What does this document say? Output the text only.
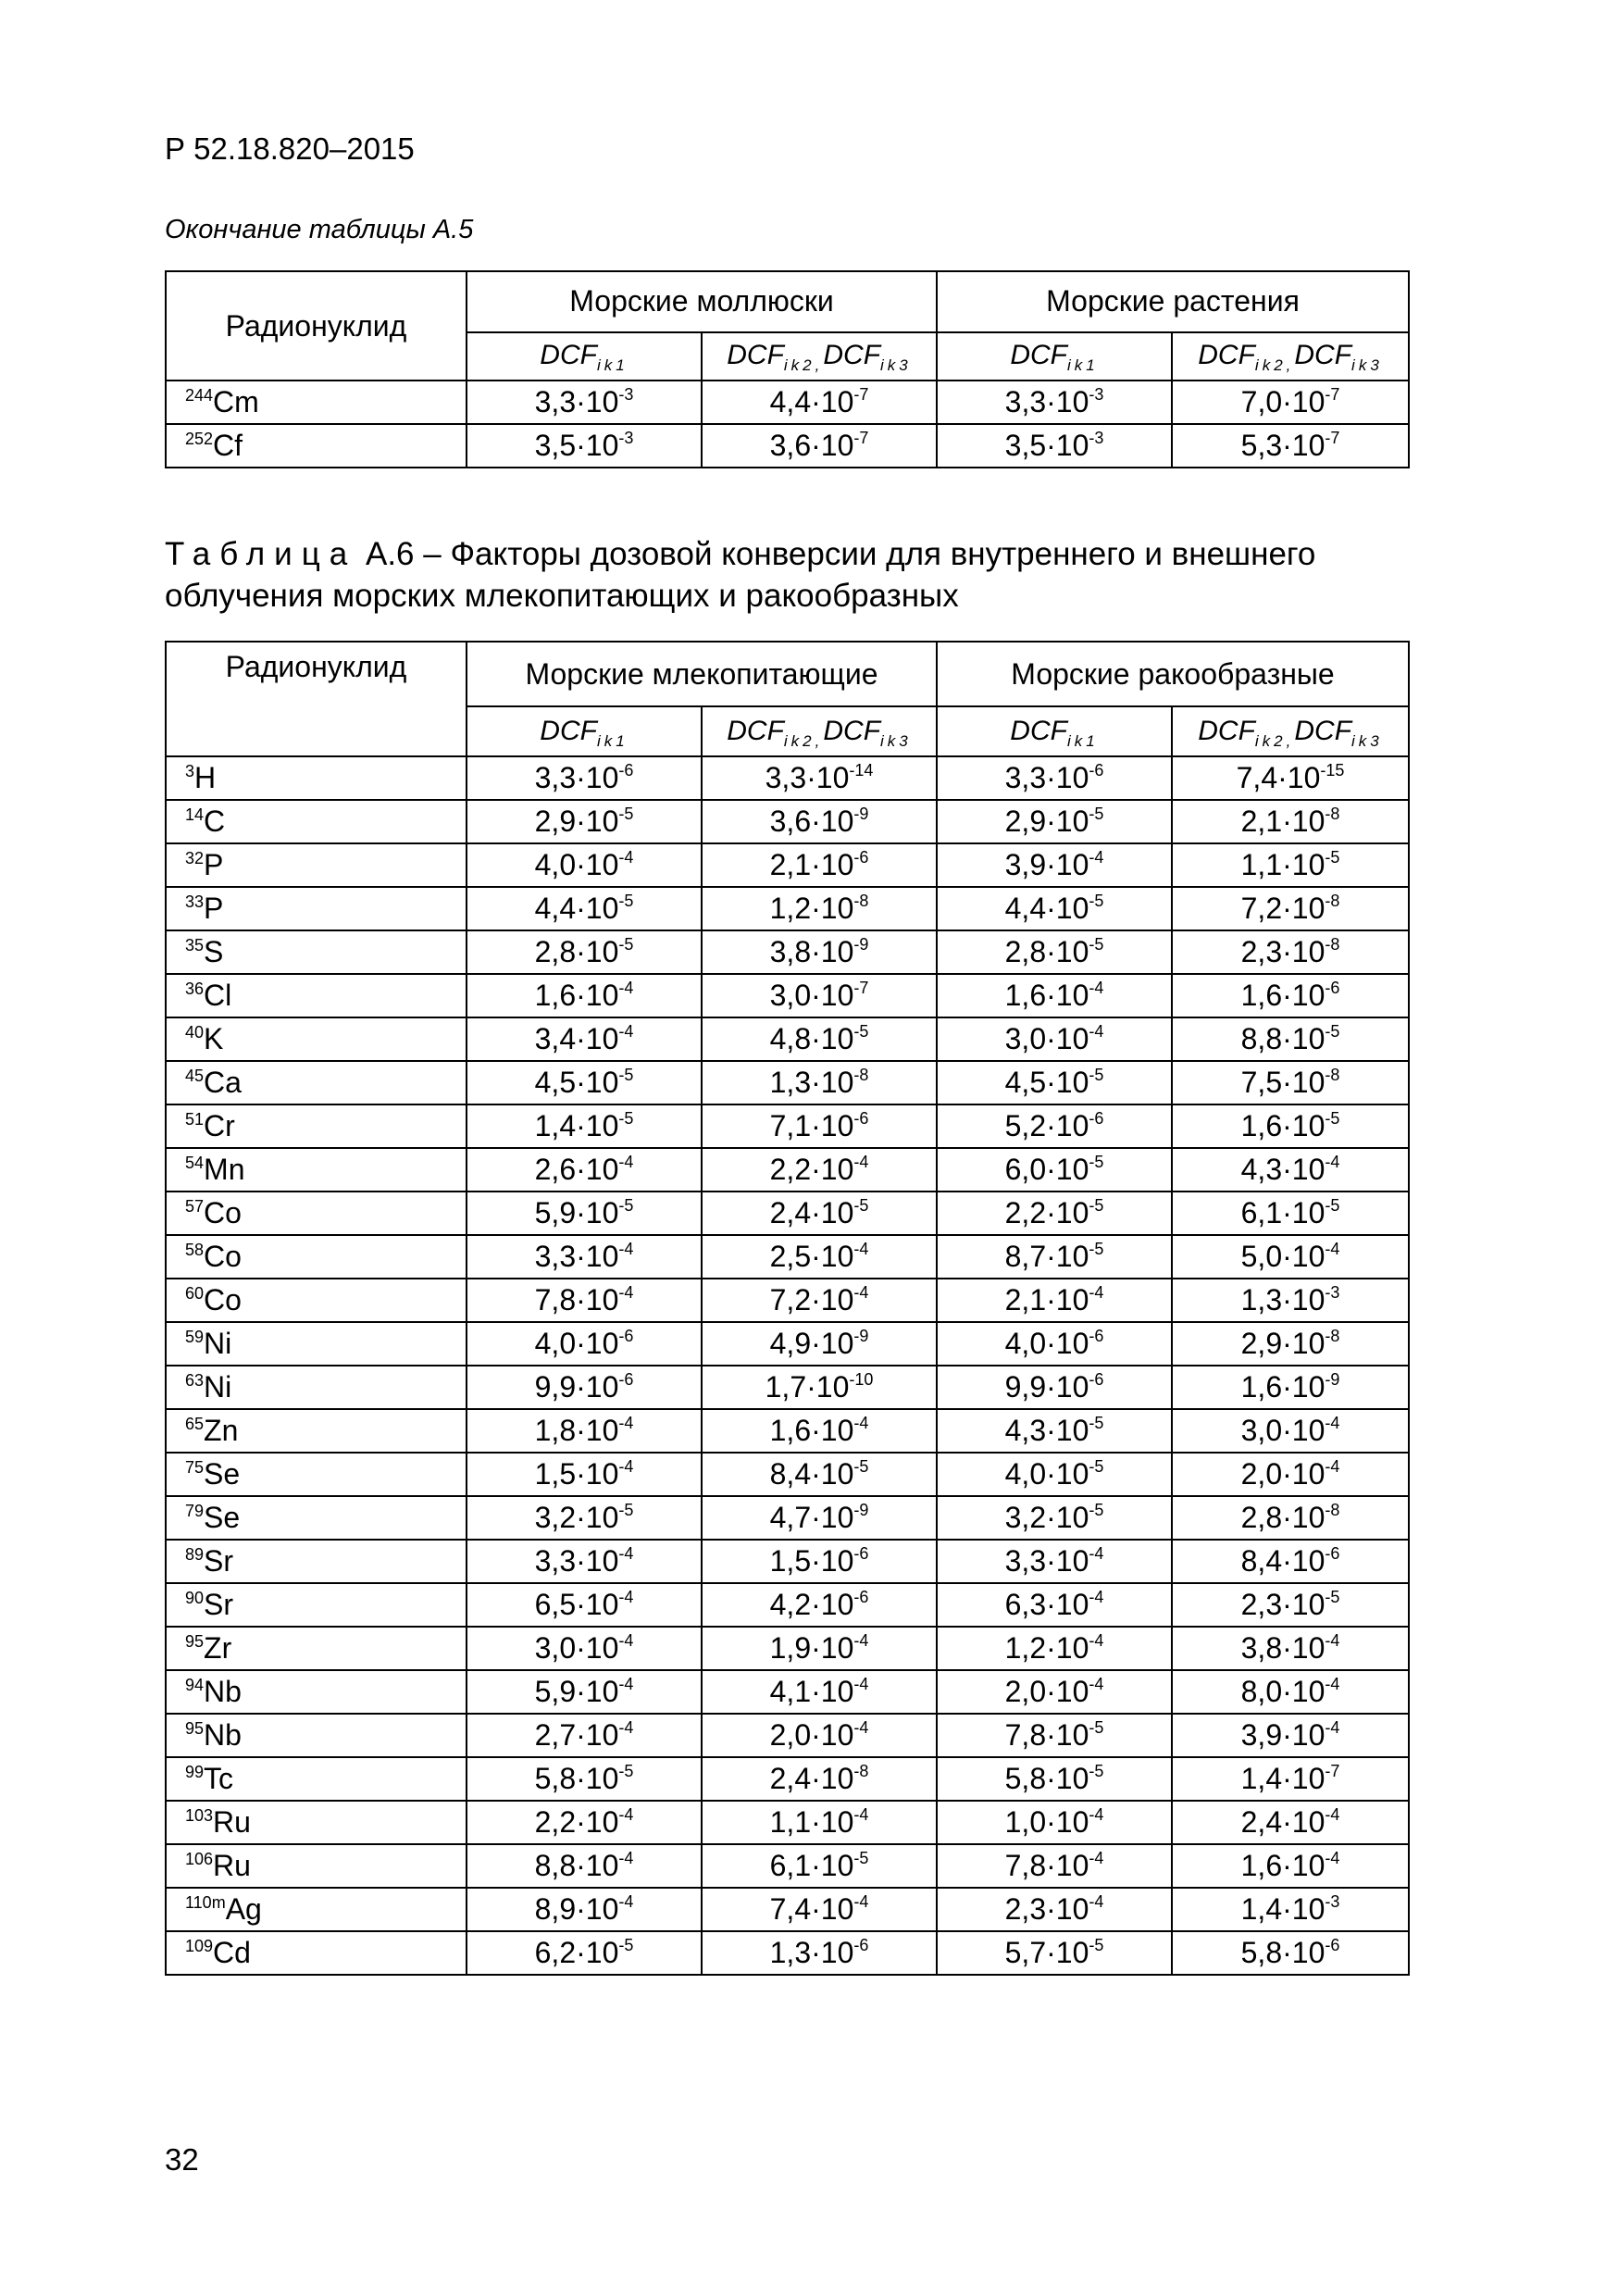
Р 52.18.820–2015
Окончание таблицы А.5
Радионуклид	Морские моллюски		Морские растения	
	$DCF_{ik1}$	$DCF_{ik2,}DCF_{ik3}$	$DCF_{ik1}$	$DCF_{ik2,}DCF_{ik3}$
$^{244}$Cm	$3,3\cdot 10^{-3}$	$4,4\cdot 10^{-7}$	$3,3\cdot 10^{-3}$	$7,0\cdot 10^{-7}$
$^{252}$Cf	$3,5\cdot 10^{-3}$	$3,6\cdot 10^{-7}$	$3,5\cdot 10^{-3}$	$5,3\cdot 10^{-7}$
Таблица А.6 – Факторы дозовой конверсии для внутреннего и внешнего облучения морских млекопитающих и ракообразных
Радионуклид	Морские млекопитающие		Морские ракообразные	
	$DCF_{ik1}$	$DCF_{ik2,}DCF_{ik3}$	$DCF_{ik1}$	$DCF_{ik2,}DCF_{ik3}$
$^3$H	$3,3\cdot 10^{-6}$	$3,3\cdot 10^{-14}$	$3,3\cdot 10^{-6}$	$7,4\cdot 10^{-15}$
$^{14}$C	$2,9\cdot 10^{-5}$	$3,6\cdot 10^{-9}$	$2,9\cdot 10^{-5}$	$2,1\cdot 10^{-8}$
$^{32}$P	$4,0\cdot 10^{-4}$	$2,1\cdot 10^{-6}$	$3,9\cdot 10^{-4}$	$1,1\cdot 10^{-5}$
$^{33}$P	$4,4\cdot 10^{-5}$	$1,2\cdot 10^{-8}$	$4,4\cdot 10^{-5}$	$7,2\cdot 10^{-8}$
$^{35}$S	$2,8\cdot 10^{-5}$	$3,8\cdot 10^{-9}$	$2,8\cdot 10^{-5}$	$2,3\cdot 10^{-8}$
$^{36}$Cl	$1,6\cdot 10^{-4}$	$3,0\cdot 10^{-7}$	$1,6\cdot 10^{-4}$	$1,6\cdot 10^{-6}$
$^{40}$K	$3,4\cdot 10^{-4}$	$4,8\cdot 10^{-5}$	$3,0\cdot 10^{-4}$	$8,8\cdot 10^{-5}$
$^{45}$Ca	$4,5\cdot 10^{-5}$	$1,3\cdot 10^{-8}$	$4,5\cdot 10^{-5}$	$7,5\cdot 10^{-8}$
$^{51}$Cr	$1,4\cdot 10^{-5}$	$7,1\cdot 10^{-6}$	$5,2\cdot 10^{-6}$	$1,6\cdot 10^{-5}$
$^{54}$Mn	$2,6\cdot 10^{-4}$	$2,2\cdot 10^{-4}$	$6,0\cdot 10^{-5}$	$4,3\cdot 10^{-4}$
$^{57}$Co	$5,9\cdot 10^{-5}$	$2,4\cdot 10^{-5}$	$2,2\cdot 10^{-5}$	$6,1\cdot 10^{-5}$
$^{58}$Co	$3,3\cdot 10^{-4}$	$2,5\cdot 10^{-4}$	$8,7\cdot 10^{-5}$	$5,0\cdot 10^{-4}$
$^{60}$Co	$7,8\cdot 10^{-4}$	$7,2\cdot 10^{-4}$	$2,1\cdot 10^{-4}$	$1,3\cdot 10^{-3}$
$^{59}$Ni	$4,0\cdot 10^{-6}$	$4,9\cdot 10^{-9}$	$4,0\cdot 10^{-6}$	$2,9\cdot 10^{-8}$
$^{63}$Ni	$9,9\cdot 10^{-6}$	$1,7\cdot 10^{-10}$	$9,9\cdot 10^{-6}$	$1,6\cdot 10^{-9}$
$^{65}$Zn	$1,8\cdot 10^{-4}$	$1,6\cdot 10^{-4}$	$4,3\cdot 10^{-5}$	$3,0\cdot 10^{-4}$
$^{75}$Se	$1,5\cdot 10^{-4}$	$8,4\cdot 10^{-5}$	$4,0\cdot 10^{-5}$	$2,0\cdot 10^{-4}$
$^{79}$Se	$3,2\cdot 10^{-5}$	$4,7\cdot 10^{-9}$	$3,2\cdot 10^{-5}$	$2,8\cdot 10^{-8}$
$^{89}$Sr	$3,3\cdot 10^{-4}$	$1,5\cdot 10^{-6}$	$3,3\cdot 10^{-4}$	$8,4\cdot 10^{-6}$
$^{90}$Sr	$6,5\cdot 10^{-4}$	$4,2\cdot 10^{-6}$	$6,3\cdot 10^{-4}$	$2,3\cdot 10^{-5}$
$^{95}$Zr	$3,0\cdot 10^{-4}$	$1,9\cdot 10^{-4}$	$1,2\cdot 10^{-4}$	$3,8\cdot 10^{-4}$
$^{94}$Nb	$5,9\cdot 10^{-4}$	$4,1\cdot 10^{-4}$	$2,0\cdot 10^{-4}$	$8,0\cdot 10^{-4}$
$^{95}$Nb	$2,7\cdot 10^{-4}$	$2,0\cdot 10^{-4}$	$7,8\cdot 10^{-5}$	$3,9\cdot 10^{-4}$
$^{99}$Tc	$5,8\cdot 10^{-5}$	$2,4\cdot 10^{-8}$	$5,8\cdot 10^{-5}$	$1,4\cdot 10^{-7}$
$^{103}$Ru	$2,2\cdot 10^{-4}$	$1,1\cdot 10^{-4}$	$1,0\cdot 10^{-4}$	$2,4\cdot 10^{-4}$
$^{106}$Ru	$8,8\cdot 10^{-4}$	$6,1\cdot 10^{-5}$	$7,8\cdot 10^{-4}$	$1,6\cdot 10^{-4}$
$^{110m}$Ag	$8,9\cdot 10^{-4}$	$7,4\cdot 10^{-4}$	$2,3\cdot 10^{-4}$	$1,4\cdot 10^{-3}$
$^{109}$Cd	$6,2\cdot 10^{-5}$	$1,3\cdot 10^{-6}$	$5,7\cdot 10^{-5}$	$5,8\cdot 10^{-6}$
32
